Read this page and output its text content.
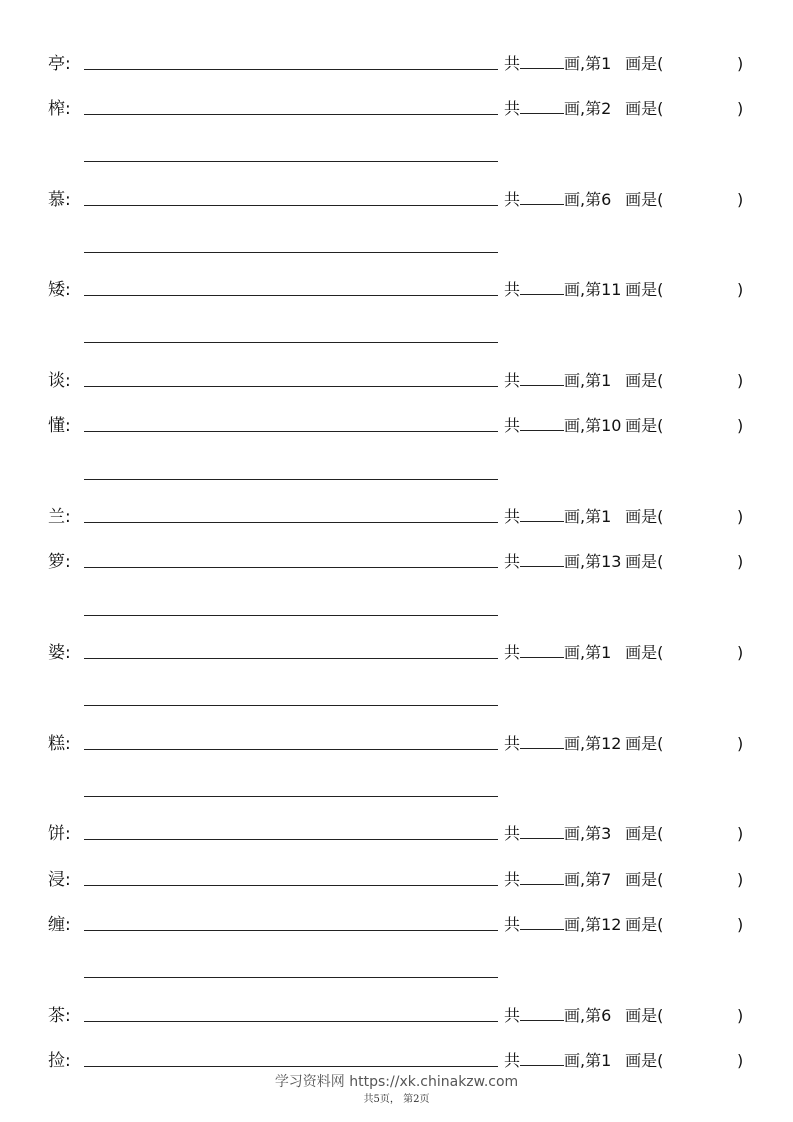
亭:	共	画,第1 画是(	)
榨:	共	画,第2 画是(	)
慕:	共	画,第6 画是(	)
矮:	共	画,第11 画是(	)
谈:	共	画,第1 画是(	)
懂:	共	画,第10 画是(	)
兰:	共	画,第1 画是(	)
箩:	共	画,第13 画是(	)
婆:	共	画,第1 画是(	)
糕:	共	画,第12 画是(	)
饼:	共	画,第3 画是(	)
浸:	共	画,第7 画是(	)
缠:	共	画,第12 画是(	)
茶:	共	画,第6 画是(	)
捡:	共	画,第1 画是(	)
学习资料网 https://xk.chinakzw.com
共5页， 第2页
